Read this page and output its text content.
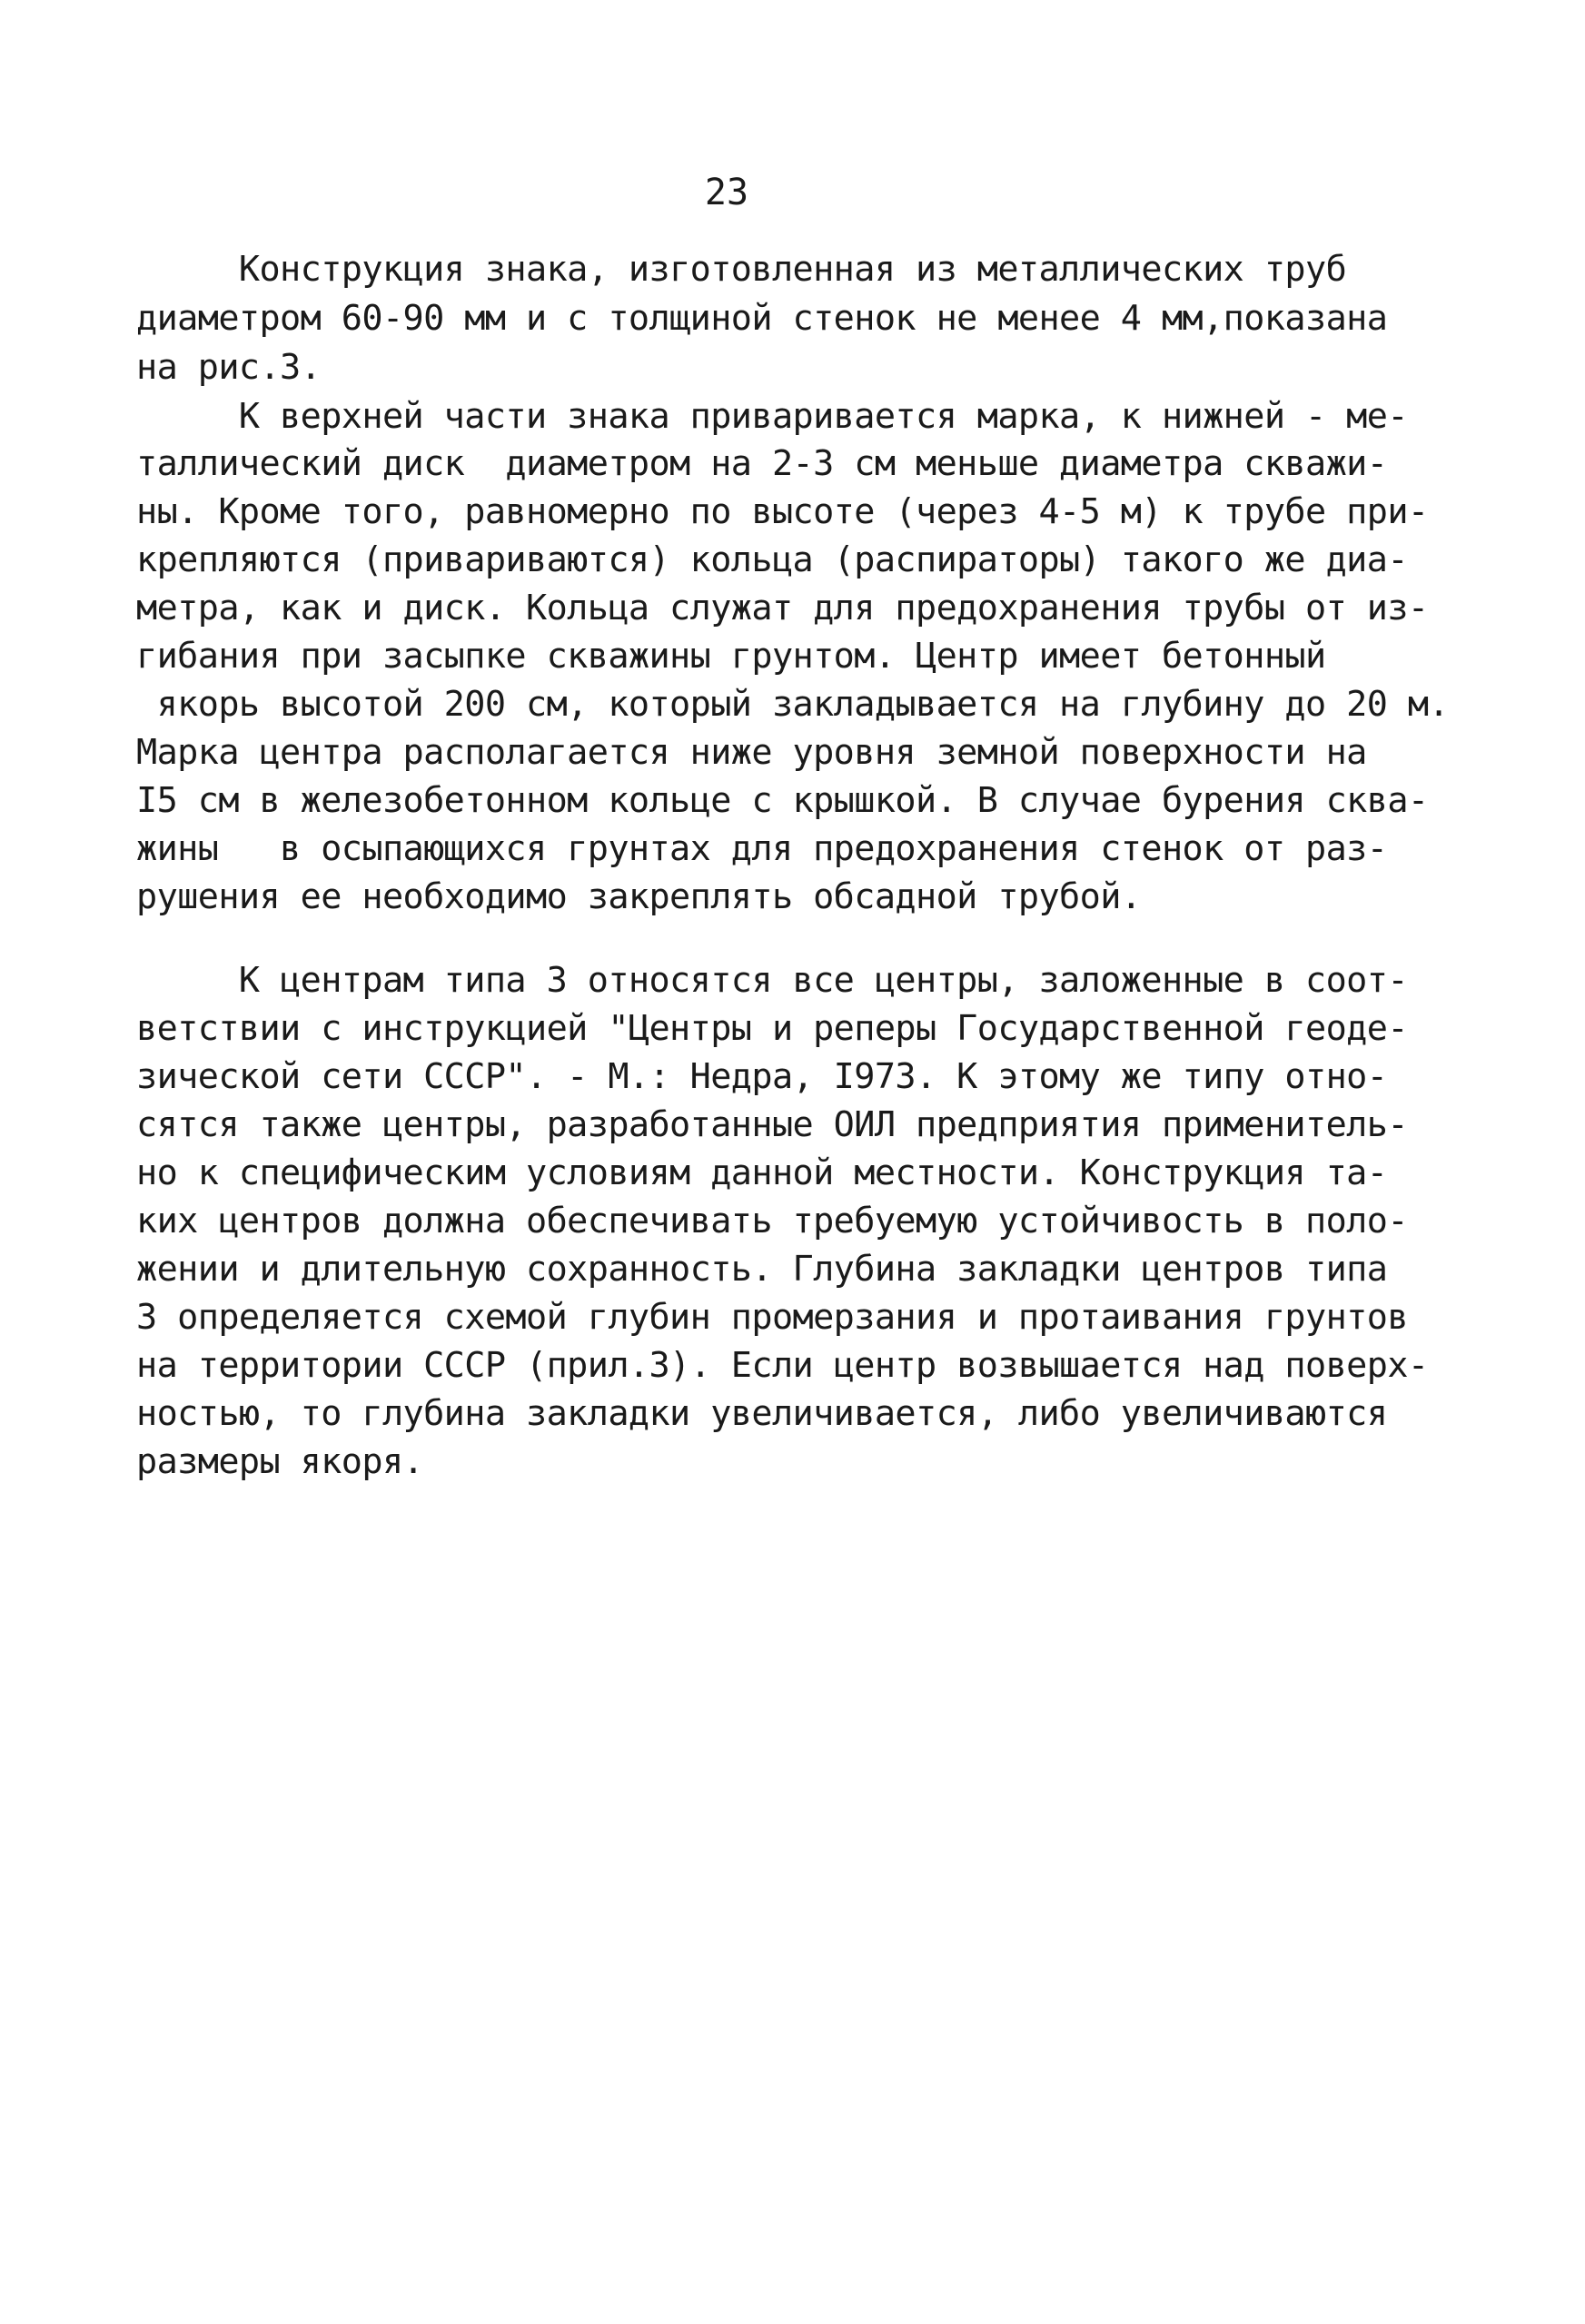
23
Конструкция знака, изготовленная из металлических труб
диаметром 60-90 мм и с толщиной стенок не менее 4 мм,показана
на рис.3.
К верхней части знака приваривается марка, к нижней - ме-
таллический диск  диаметром на 2-3 см меньше диаметра скважи-
ны. Кроме того, равномерно по высоте (через 4-5 м) к трубе при-
крепляются (привариваются) кольца (распираторы) такого же диа-
метра, как и диск. Кольца служат для предохранения трубы от из-
гибания при засыпке скважины грунтом. Центр имеет бетонный
якорь высотой 200 см, который закладывается на глубину до 20 м.
Марка центра располагается ниже уровня земной поверхности на
I5 см в железобетонном кольце с крышкой. В случае бурения сква-
жины   в осыпающихся грунтах для предохранения стенок от раз-
рушения ее необходимо закреплять обсадной трубой.
К центрам типа 3 относятся все центры, заложенные в соот-
ветствии с инструкцией "Центры и реперы Государственной геоде-
зической сети СССР". - М.: Недра, I973. К этому же типу отно-
сятся также центры, разработанные ОИЛ предприятия применитель-
но к специфическим условиям данной местности. Конструкция та-
ких центров должна обеспечивать требуемую устойчивость в поло-
жении и длительную сохранность. Глубина закладки центров типа
3 определяется схемой глубин промерзания и протаивания грунтов
на территории СССР (прил.3). Если центр возвышается над поверх-
ностью, то глубина закладки увеличивается, либо увеличиваются
размеры якоря.
